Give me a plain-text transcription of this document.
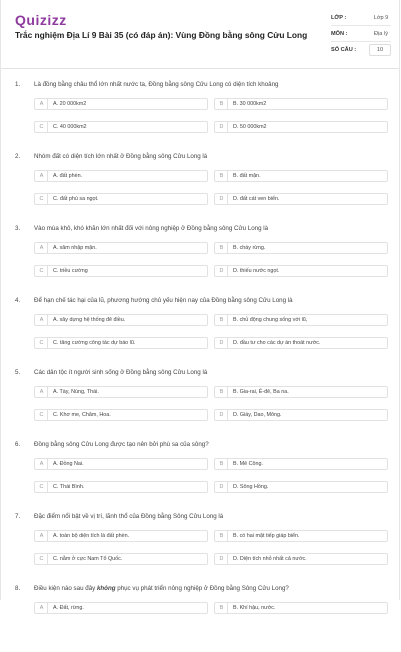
Quizizz
Trắc nghiệm Địa Lí 9 Bài 35 (có đáp án): Vùng Đồng bằng sông Cửu Long
LỚP :	Lớp 9
MÔN :	Địa lý
SỐ CÂU :	10
1. Là đồng bằng châu thổ lớn nhất nước ta, Đồng bằng sông Cửu Long có diện tích khoảng
A	A. 20 000km2	B	B. 30 000km2
C	C. 40 000km2	D	D. 50 000km2
2. Nhóm đất có diện tích lớn nhất ở Đồng bằng sông Cửu Long là
A	A. đất phèn.	B	B. đất mặn.
C	C. đất phù sa ngọt.	D	D. đất cát ven biển.
3. Vào mùa khô, khó khăn lớn nhất đối với nông nghiệp ở Đồng bằng sông Cửu Long là
A	A. xâm nhập mặn.	B	B. cháy rừng.
C	C. triều cường	D	D. thiếu nước ngọt.
4. Để hạn chế tác hại của lũ, phương hướng chủ yếu hiện nay của Đồng bằng sông Cửu Long là
A	A. xây dựng hệ thống đê điều.	B	B. chủ động chung sống với lũ,
C	C. tăng cường công tác dự báo lũ.	D	D. đầu tư cho các dự án thoát nước.
5. Các dân tộc ít người sinh sống ở Đồng bằng sông Cửu Long là
A	A. Tày, Nùng, Thái.	B	B. Gia-rai, Ê-đê, Ba na.
C	C. Khơ me, Chăm, Hoa.	D	D. Giáy, Dao, Mông.
6. Đồng bằng sông Cửu Long được tạo nên bởi phù sa của sông?
A	A. Đồng Nai.	B	B. Mê Công.
C	C. Thái Bình.	D	D. Sông Hồng.
7. Đặc điểm nổi bật về vị trí, lãnh thổ của Đồng bằng Sông Cửu Long là
A	A. toàn bộ diện tích là đất phèn.	B	B. có hai mặt tiếp giáp biển.
C	C. nằm ở cực Nam Tổ Quốc.	D	D. Diện tích nhỏ nhất cả nước.
8. Điều kiện nào sau đây không phục vụ phát triển nông nghiệp ở Đồng bằng Sông Cửu Long?
A	A. Đất, rừng.	B	B. Khí hậu, nước.
